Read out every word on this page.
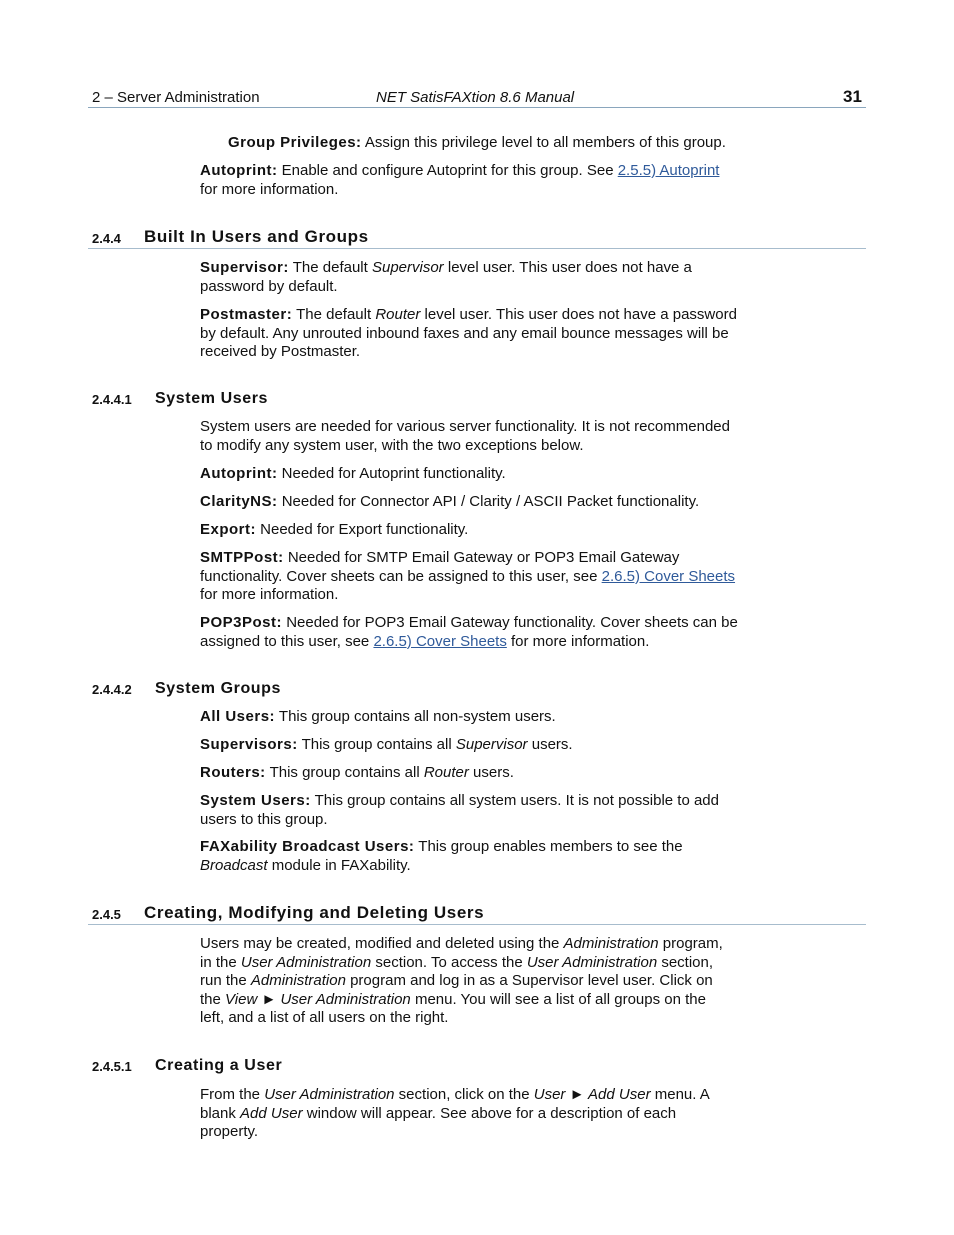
2 – Server Administration	NET SatisFAXtion 8.6 Manual	31
Group Privileges: Assign this privilege level to all members of this group.
Autoprint: Enable and configure Autoprint for this group. See 2.5.5) Autoprint
for more information.
2.4.4 Built In Users and Groups
Supervisor: The default Supervisor level user. This user does not have a
password by default.
Postmaster: The default Router level user. This user does not have a password
by default. Any unrouted inbound faxes and any email bounce messages will be
received by Postmaster.
2.4.4.1 System Users
System users are needed for various server functionality. It is not recommended
to modify any system user, with the two exceptions below.
Autoprint: Needed for Autoprint functionality.
ClarityNS: Needed for Connector API / Clarity / ASCII Packet functionality.
Export: Needed for Export functionality.
SMTPPost: Needed for SMTP Email Gateway or POP3 Email Gateway
functionality. Cover sheets can be assigned to this user, see 2.6.5) Cover Sheets
for more information.
POP3Post: Needed for POP3 Email Gateway functionality. Cover sheets can be
assigned to this user, see 2.6.5) Cover Sheets for more information.
2.4.4.2 System Groups
All Users: This group contains all non-system users.
Supervisors: This group contains all Supervisor users.
Routers: This group contains all Router users.
System Users: This group contains all system users. It is not possible to add
users to this group.
FAXability Broadcast Users: This group enables members to see the
Broadcast module in FAXability.
2.4.5 Creating, Modifying and Deleting Users
Users may be created, modified and deleted using the Administration program,
in the User Administration section. To access the User Administration section,
run the Administration program and log in as a Supervisor level user. Click on
the View ► User Administration menu. You will see a list of all groups on the
left, and a list of all users on the right.
2.4.5.1 Creating a User
From the User Administration section, click on the User ► Add User menu. A
blank Add User window will appear. See above for a description of each
property.
